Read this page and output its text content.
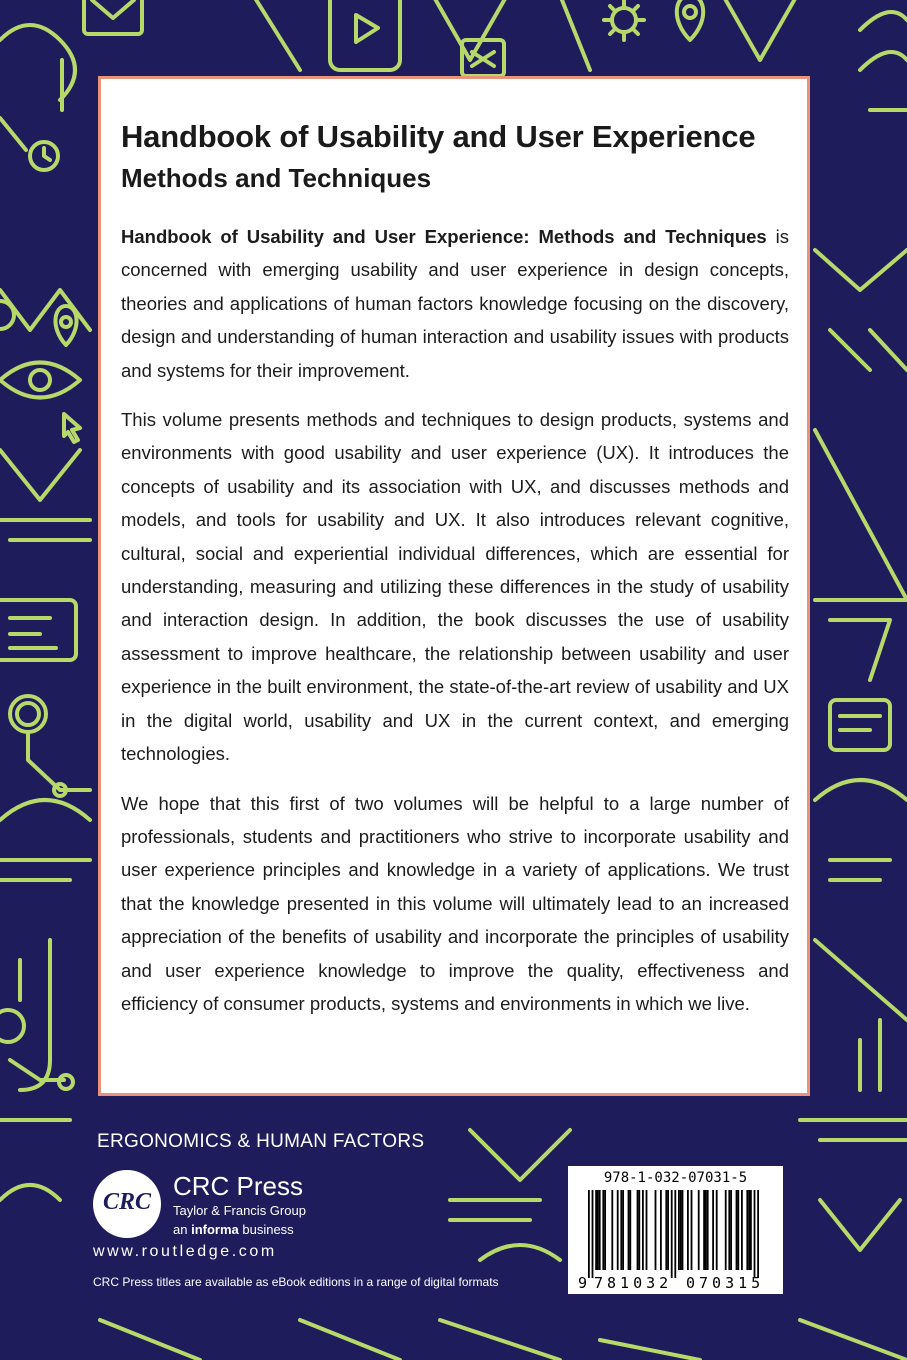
Handbook of Usability and User Experience
Methods and Techniques

Handbook of Usability and User Experience: Methods and Techniques is concerned with emerging usability and user experience in design concepts, theories and applications of human factors knowledge focusing on the discovery, design and understanding of human interaction and usability issues with products and systems for their improvement.

This volume presents methods and techniques to design products, systems and environments with good usability and user experience (UX). It introduces the concepts of usability and its association with UX, and discusses methods and models, and tools for usability and UX. It also introduces relevant cognitive, cultural, social and experiential individual differences, which are essential for understanding, measuring and utilizing these differences in the study of usability and interaction design. In addition, the book discusses the use of usability assessment to improve healthcare, the relationship between usability and user experience in the built environment, the state-of-the-art review of usability and UX in the digital world, usability and UX in the current context, and emerging technologies.

We hope that this first of two volumes will be helpful to a large number of professionals, students and practitioners who strive to incorporate usability and user experience principles and knowledge in a variety of applications. We trust that the knowledge presented in this volume will ultimately lead to an increased appreciation of the benefits of usability and incorporate the principles of usability and user experience knowledge to improve the quality, effectiveness and efficiency of consumer products, systems and environments in which we live.

ERGONOMICS & HUMAN FACTORS
CRC
CRC Press
Taylor & Francis Group
an informa business
www.routledge.com
CRC Press titles are available as eBook editions in a range of digital formats
978-1-032-07031-5
9 781032 070315
